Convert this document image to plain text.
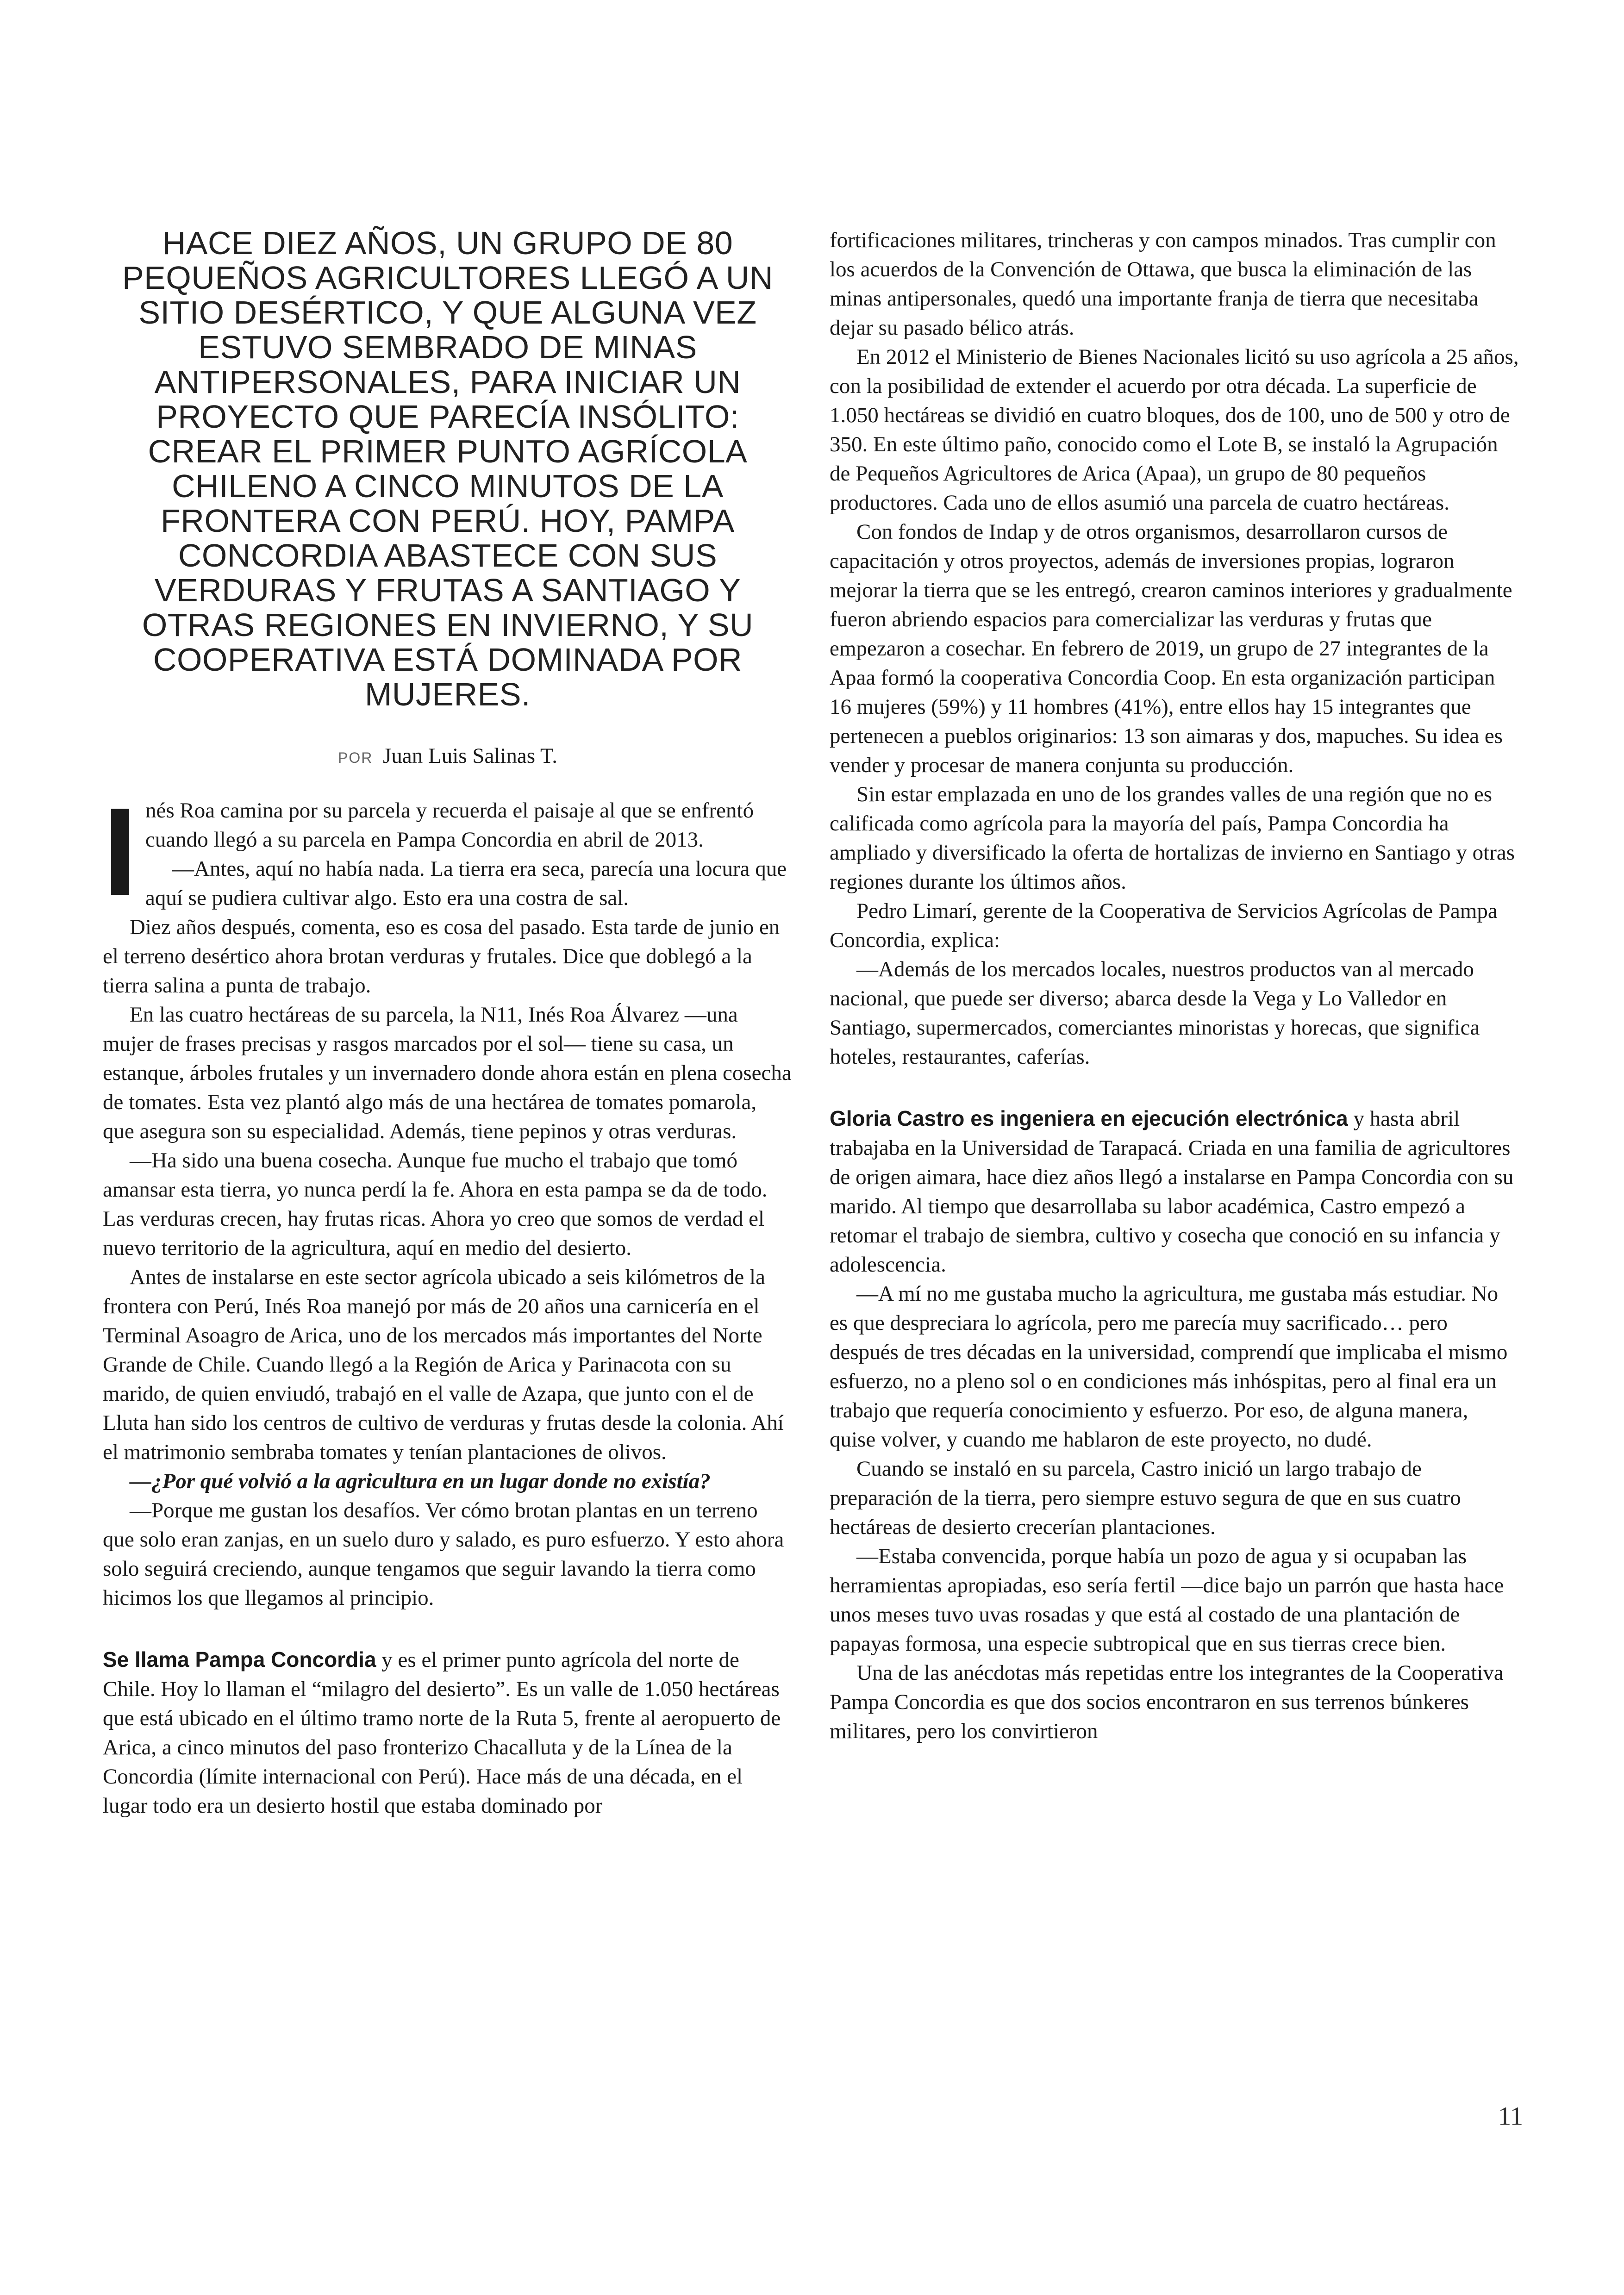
HACE DIEZ AÑOS, UN GRUPO DE 80 PEQUEÑOS AGRICULTORES LLEGÓ A UN SITIO DESÉRTICO, Y QUE ALGUNA VEZ ESTUVO SEMBRADO DE MINAS ANTIPERSONALES, PARA INICIAR UN PROYECTO QUE PARECÍA INSÓLITO: CREAR EL PRIMER PUNTO AGRÍCOLA CHILENO A CINCO MINUTOS DE LA FRONTERA CON PERÚ. HOY, PAMPA CONCORDIA ABASTECE CON SUS VERDURAS Y FRUTAS A SANTIAGO Y OTRAS REGIONES EN INVIERNO, Y SU COOPERATIVA ESTÁ DOMINADA POR MUJERES.

POR Juan Luis Salinas T.
I nés Roa camina por su parcela y recuerda el paisaje al que se enfrentó cuando llegó a su parcela en Pampa Concordia en abril de 2013.

—Antes, aquí no había nada. La tierra era seca, parecía una locura que aquí se pudiera cultivar algo. Esto era una costra de sal.

Diez años después, comenta, eso es cosa del pasado. Esta tarde de junio en el terreno desértico ahora brotan verduras y frutales. Dice que doblegó a la tierra salina a punta de trabajo.

En las cuatro hectáreas de su parcela, la N11, Inés Roa Álvarez —una mujer de frases precisas y rasgos marcados por el sol— tiene su casa, un estanque, árboles frutales y un invernadero donde ahora están en plena cosecha de tomates. Esta vez plantó algo más de una hectárea de tomates pomarola, que asegura son su especialidad. Además, tiene pepinos y otras verduras.

—Ha sido una buena cosecha. Aunque fue mucho el trabajo que tomó amansar esta tierra, yo nunca perdí la fe. Ahora en esta pampa se da de todo. Las verduras crecen, hay frutas ricas. Ahora yo creo que somos de verdad el nuevo territorio de la agricultura, aquí en medio del desierto.

Antes de instalarse en este sector agrícola ubicado a seis kilómetros de la frontera con Perú, Inés Roa manejó por más de 20 años una carnicería en el Terminal Asoagro de Arica, uno de los mercados más importantes del Norte Grande de Chile. Cuando llegó a la Región de Arica y Parinacota con su marido, de quien enviudó, trabajó en el valle de Azapa, que junto con el de Lluta han sido los centros de cultivo de verduras y frutas desde la colonia. Ahí el matrimonio sembraba tomates y tenían plantaciones de olivos.

—¿Por qué volvió a la agricultura en un lugar donde no existía?

—Porque me gustan los desafíos. Ver cómo brotan plantas en un terreno que solo eran zanjas, en un suelo duro y salado, es puro esfuerzo. Y esto ahora solo seguirá creciendo, aunque tengamos que seguir lavando la tierra como hicimos los que llegamos al principio.

Se llama Pampa Concordia y es el primer punto agrícola del norte de Chile. Hoy lo llaman el “milagro del desierto”. Es un valle de 1.050 hectáreas que está ubicado en el último tramo norte de la Ruta 5, frente al aeropuerto de Arica, a cinco minutos del paso fronterizo Chacalluta y de la Línea de la Concordia (límite internacional con Perú). Hace más de una década, en el lugar todo era un desierto hostil que estaba dominado por

fortificaciones militares, trincheras y con campos minados. Tras cumplir con los acuerdos de la Convención de Ottawa, que busca la eliminación de las minas antipersonales, quedó una importante franja de tierra que necesitaba dejar su pasado bélico atrás.

En 2012 el Ministerio de Bienes Nacionales licitó su uso agrícola a 25 años, con la posibilidad de extender el acuerdo por otra década. La superficie de 1.050 hectáreas se dividió en cuatro bloques, dos de 100, uno de 500 y otro de 350. En este último paño, conocido como el Lote B, se instaló la Agrupación de Pequeños Agricultores de Arica (Apaa), un grupo de 80 pequeños productores. Cada uno de ellos asumió una parcela de cuatro hectáreas.

Con fondos de Indap y de otros organismos, desarrollaron cursos de capacitación y otros proyectos, además de inversiones propias, lograron mejorar la tierra que se les entregó, crearon caminos interiores y gradualmente fueron abriendo espacios para comercializar las verduras y frutas que empezaron a cosechar. En febrero de 2019, un grupo de 27 integrantes de la Apaa formó la cooperativa Concordia Coop. En esta organización participan 16 mujeres (59%) y 11 hombres (41%), entre ellos hay 15 integrantes que pertenecen a pueblos originarios: 13 son aimaras y dos, mapuches. Su idea es vender y procesar de manera conjunta su producción.

Sin estar emplazada en uno de los grandes valles de una región que no es calificada como agrícola para la mayoría del país, Pampa Concordia ha ampliado y diversificado la oferta de hortalizas de invierno en Santiago y otras regiones durante los últimos años.

Pedro Limarí, gerente de la Cooperativa de Servicios Agrícolas de Pampa Concordia, explica:

—Además de los mercados locales, nuestros productos van al mercado nacional, que puede ser diverso; abarca desde la Vega y Lo Valledor en Santiago, supermercados, comerciantes minoristas y horecas, que significa hoteles, restaurantes, caferías.

Gloria Castro es ingeniera en ejecución electrónica y hasta abril trabajaba en la Universidad de Tarapacá. Criada en una familia de agricultores de origen aimara, hace diez años llegó a instalarse en Pampa Concordia con su marido. Al tiempo que desarrollaba su labor académica, Castro empezó a retomar el trabajo de siembra, cultivo y cosecha que conoció en su infancia y adolescencia.

—A mí no me gustaba mucho la agricultura, me gustaba más estudiar. No es que despreciara lo agrícola, pero me parecía muy sacrificado… pero después de tres décadas en la universidad, comprendí que implicaba el mismo esfuerzo, no a pleno sol o en condiciones más inhóspitas, pero al final era un trabajo que requería conocimiento y esfuerzo. Por eso, de alguna manera, quise volver, y cuando me hablaron de este proyecto, no dudé.

Cuando se instaló en su parcela, Castro inició un largo trabajo de preparación de la tierra, pero siempre estuvo segura de que en sus cuatro hectáreas de desierto crecerían plantaciones.

—Estaba convencida, porque había un pozo de agua y si ocupaban las herramientas apropiadas, eso sería fertil —dice bajo un parrón que hasta hace unos meses tuvo uvas rosadas y que está al costado de una plantación de papayas formosa, una especie subtropical que en sus tierras crece bien.

Una de las anécdotas más repetidas entre los integrantes de la Cooperativa Pampa Concordia es que dos socios encontraron en sus terrenos búnkeres militares, pero los convirtieron

11
